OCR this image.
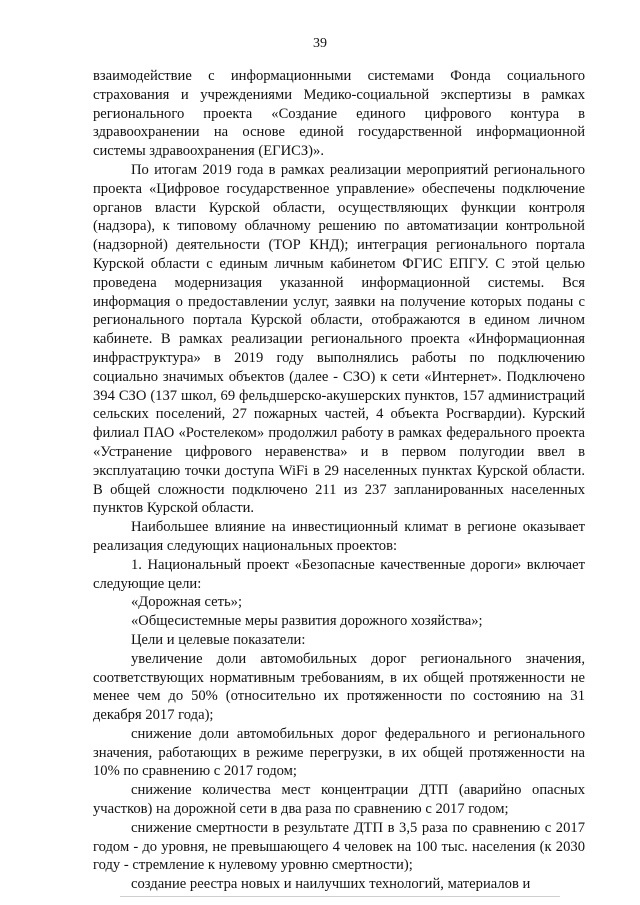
39

взаимодействие с информационными системами Фонда социального страхования и учреждениями Медико-социальной экспертизы в рамках регионального проекта «Создание единого цифрового контура в здравоохранении на основе единой государственной информационной системы здравоохранения (ЕГИСЗ)».

По итогам 2019 года в рамках реализации мероприятий регионального проекта «Цифровое государственное управление» обеспечены подключение органов власти Курской области, осуществляющих функции контроля (надзора), к типовому облачному решению по автоматизации контрольной (надзорной) деятельности (ТОР КНД); интеграция регионального портала Курской области с единым личным кабинетом ФГИС ЕПГУ. С этой целью проведена модернизация указанной информационной системы. Вся информация о предоставлении услуг, заявки на получение которых поданы с регионального портала Курской области, отображаются в едином личном кабинете. В рамках реализации регионального проекта «Информационная инфраструктура» в 2019 году выполнялись работы по подключению социально значимых объектов (далее - СЗО) к сети «Интернет». Подключено 394 СЗО (137 школ, 69 фельдшерско-акушерских пунктов, 157 администраций сельских поселений, 27 пожарных частей, 4 объекта Росгвардии). Курский филиал ПАО «Ростелеком» продолжил работу в рамках федерального проекта «Устранение цифрового неравенства» и в первом полугодии ввел в эксплуатацию точки доступа WiFi в 29 населенных пунктах Курской области. В общей сложности подключено 211 из 237 запланированных населенных пунктов Курской области.

Наибольшее влияние на инвестиционный климат в регионе оказывает реализация следующих национальных проектов:

1. Национальный проект «Безопасные качественные дороги» включает следующие цели:

«Дорожная сеть»;

«Общесистемные меры развития дорожного хозяйства»;

Цели и целевые показатели:

увеличение доли автомобильных дорог регионального значения, соответствующих нормативным требованиям, в их общей протяженности не менее чем до 50% (относительно их протяженности по состоянию на 31 декабря 2017 года);

снижение доли автомобильных дорог федерального и регионального значения, работающих в режиме перегрузки, в их общей протяженности на 10% по сравнению с 2017 годом;

снижение количества мест концентрации ДТП (аварийно опасных участков) на дорожной сети в два раза по сравнению с 2017 годом;

снижение смертности в результате ДТП в 3,5 раза по сравнению с 2017 годом - до уровня, не превышающего 4 человек на 100 тыс. населения (к 2030 году - стремление к нулевому уровню смертности);

создание реестра новых и наилучших технологий, материалов и
